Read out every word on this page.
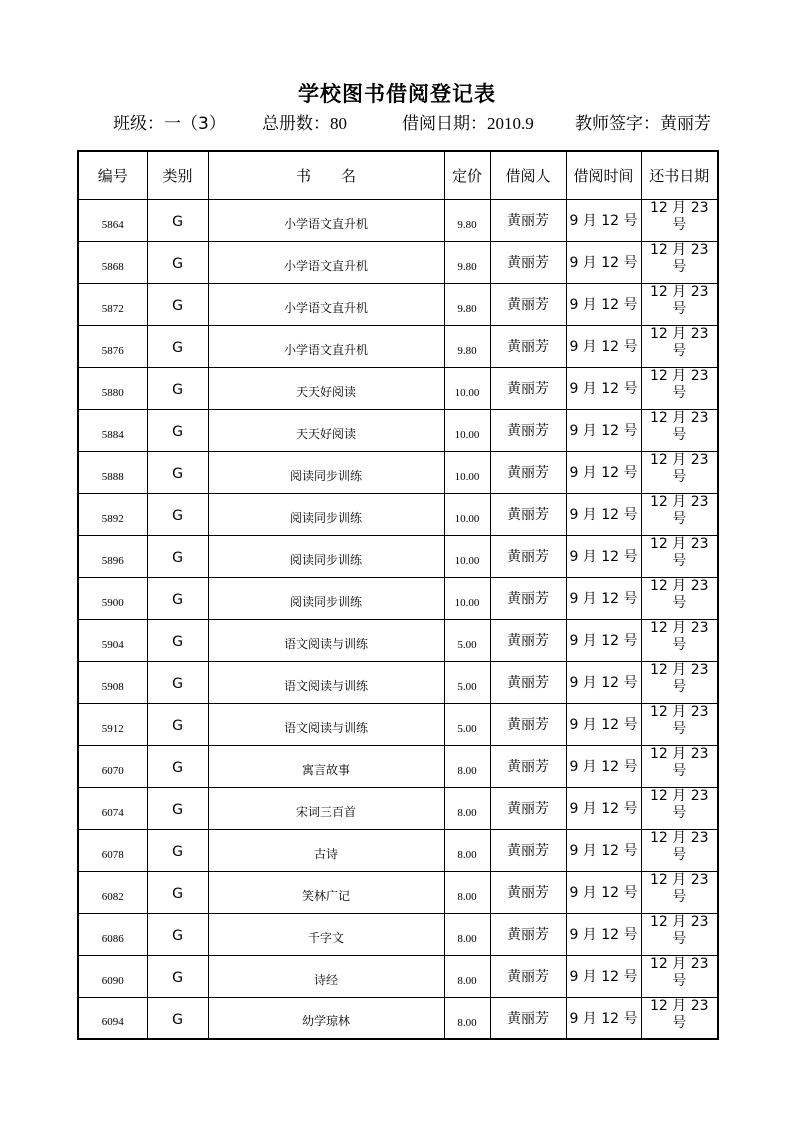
学校图书借阅登记表
班级：一（3） 总册数：80	借阅日期：2010.9 教师签字：黄丽芳
编号	类别	书　　名	定价	借阅人	借阅时间	还书日期
5864	G	小学语文直升机	9.80	黄丽芳	9 月 12 号	12 月 23 号
5868	G	小学语文直升机	9.80	黄丽芳	9 月 12 号	12 月 23 号
5872	G	小学语文直升机	9.80	黄丽芳	9 月 12 号	12 月 23 号
5876	G	小学语文直升机	9.80	黄丽芳	9 月 12 号	12 月 23 号
5880	G	天天好阅读	10.00	黄丽芳	9 月 12 号	12 月 23 号
5884	G	天天好阅读	10.00	黄丽芳	9 月 12 号	12 月 23 号
5888	G	阅读同步训练	10.00	黄丽芳	9 月 12 号	12 月 23 号
5892	G	阅读同步训练	10.00	黄丽芳	9 月 12 号	12 月 23 号
5896	G	阅读同步训练	10.00	黄丽芳	9 月 12 号	12 月 23 号
5900	G	阅读同步训练	10.00	黄丽芳	9 月 12 号	12 月 23 号
5904	G	语文阅读与训练	5.00	黄丽芳	9 月 12 号	12 月 23 号
5908	G	语文阅读与训练	5.00	黄丽芳	9 月 12 号	12 月 23 号
5912	G	语文阅读与训练	5.00	黄丽芳	9 月 12 号	12 月 23 号
6070	G	寓言故事	8.00	黄丽芳	9 月 12 号	12 月 23 号
6074	G	宋词三百首	8.00	黄丽芳	9 月 12 号	12 月 23 号
6078	G	古诗	8.00	黄丽芳	9 月 12 号	12 月 23 号
6082	G	笑林广记	8.00	黄丽芳	9 月 12 号	12 月 23 号
6086	G	千字文	8.00	黄丽芳	9 月 12 号	12 月 23 号
6090	G	诗经	8.00	黄丽芳	9 月 12 号	12 月 23 号
6094	G	幼学琼林	8.00	黄丽芳	9 月 12 号	12 月 23 号
